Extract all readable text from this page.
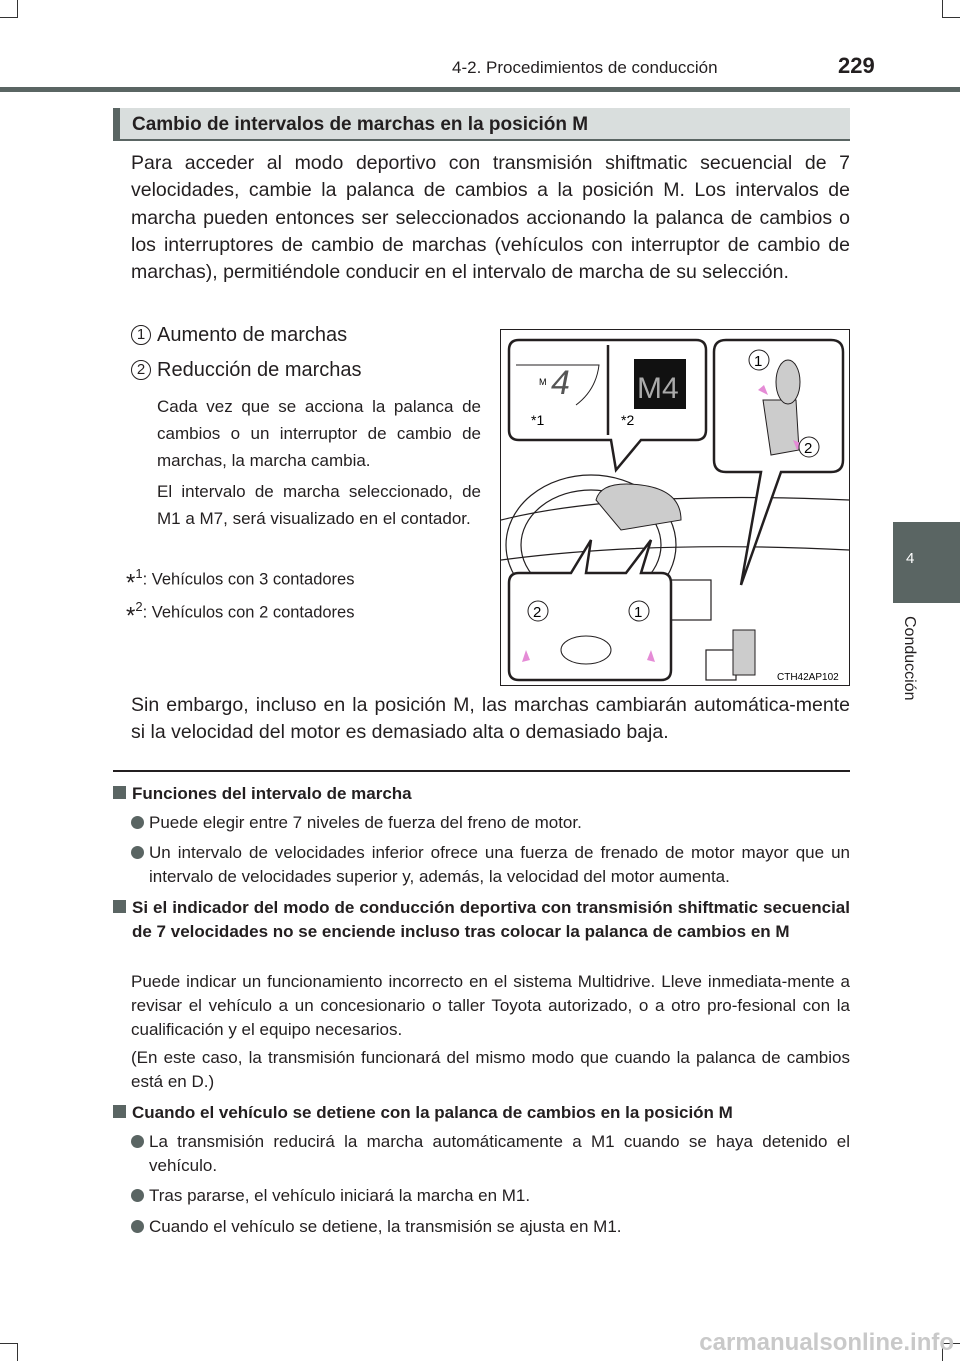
4-2. Procedimientos de conducción	229
Cambio de intervalos de marchas en la posición M
Para acceder al modo deportivo con transmisión shiftmatic secuencial de 7 velocidades, cambie la palanca de cambios a la posición M. Los intervalos de marcha pueden entonces ser seleccionados accionando la palanca de cambios o los interruptores de cambio de marchas (vehículos con interruptor de cambio de marchas), permitiéndole conducir en el intervalo de marcha de su selección.
1 Aumento de marchas
2 Reducción de marchas
Cada vez que se acciona la palanca de cambios o un interruptor de cambio de marchas, la marcha cambia.
El intervalo de marcha seleccionado, de M1 a M7, será visualizado en el contador.
*$^1$: Vehículos con 3 contadores
*$^2$: Vehículos con 2 contadores
M 4
*1
M4
*2
1
2
2	1
CTH42AP102
Sin embargo, incluso en la posición M, las marchas cambiarán automática-mente si la velocidad del motor es demasiado alta o demasiado baja.
Funciones del intervalo de marcha
Puede elegir entre 7 niveles de fuerza del freno de motor.
Un intervalo de velocidades inferior ofrece una fuerza de frenado de motor mayor que un intervalo de velocidades superior y, además, la velocidad del motor aumenta.
Si el indicador del modo de conducción deportiva con transmisión shiftmatic secuencial de 7 velocidades no se enciende incluso tras colocar la palanca de cambios en M
Puede indicar un funcionamiento incorrecto en el sistema Multidrive. Lleve inmediata-mente a revisar el vehículo a un concesionario o taller Toyota autorizado, o a otro pro-fesional con la cualificación y el equipo necesarios.
(En este caso, la transmisión funcionará del mismo modo que cuando la palanca de cambios está en D.)
Cuando el vehículo se detiene con la palanca de cambios en la posición M
La transmisión reducirá la marcha automáticamente a M1 cuando se haya detenido el vehículo.
Tras pararse, el vehículo iniciará la marcha en M1.
Cuando el vehículo se detiene, la transmisión se ajusta en M1.
4
Conducción
carmanualsonline.info
